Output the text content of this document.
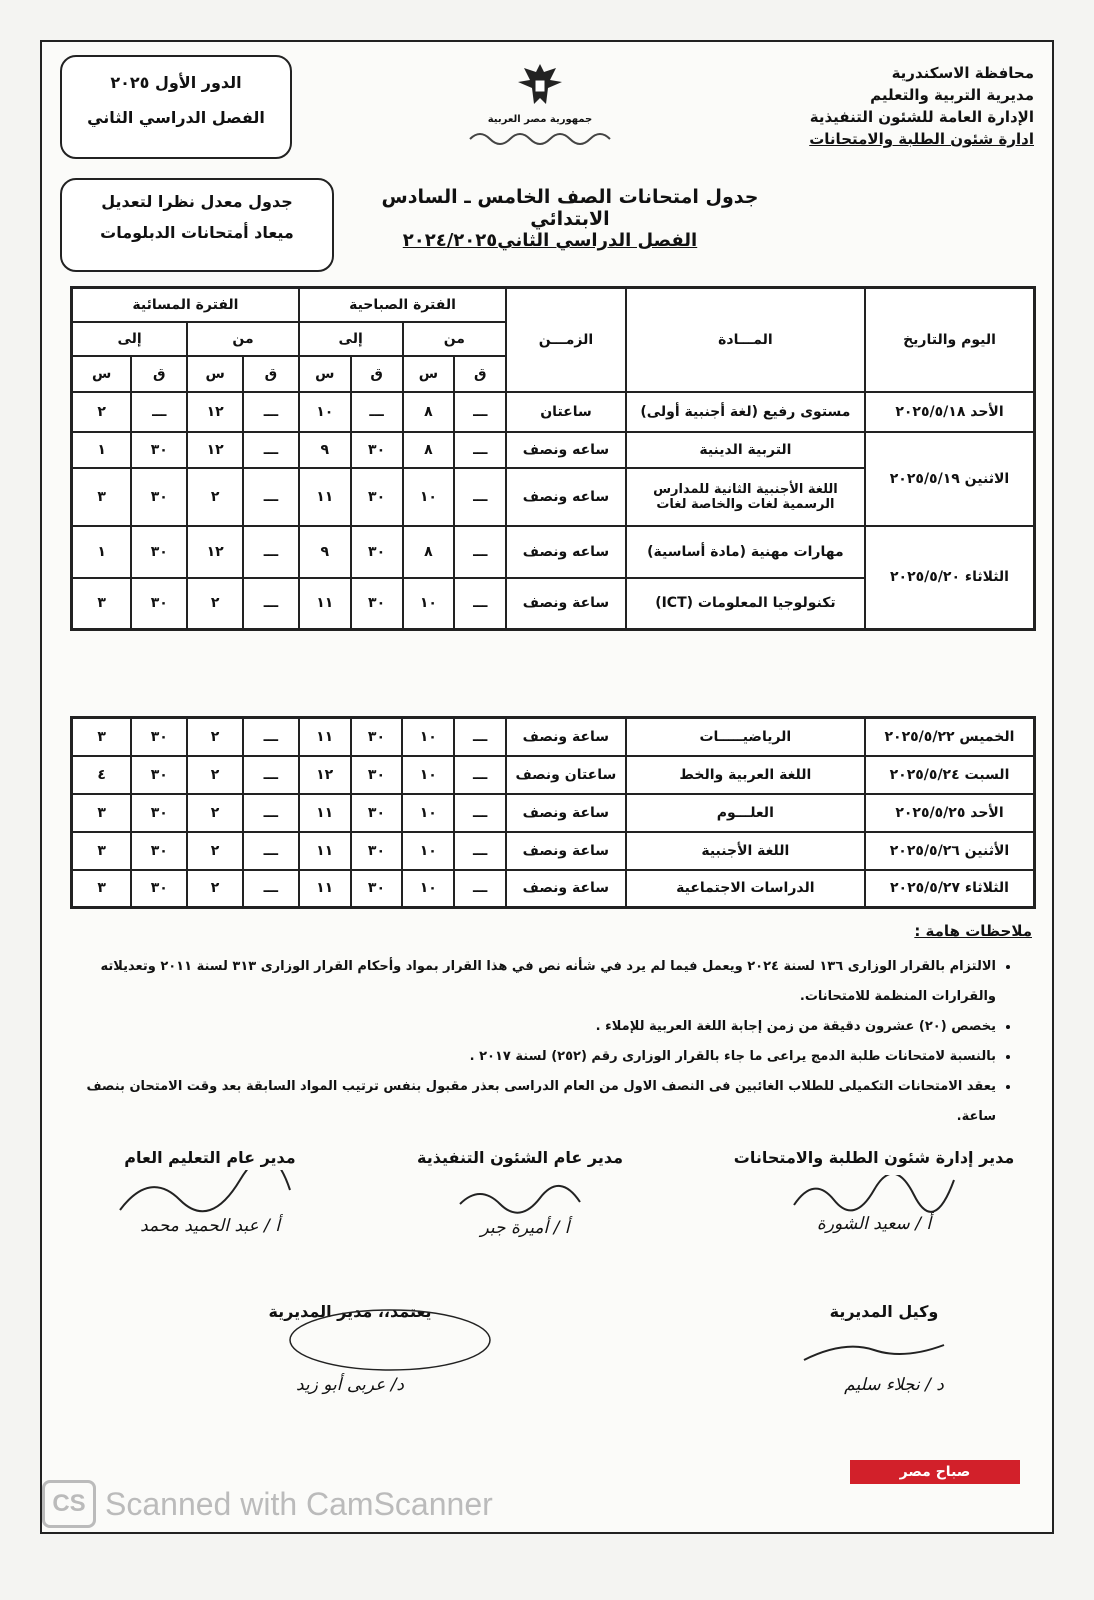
محافظة الاسكندرية
مديرية التربية والتعليم
الإدارة العامة للشئون التنفيذية
ادارة شئون الطلبة والامتحانات
جمهورية مصر العربية
الدور الأول ٢٠٢٥
الفصل الدراسي الثاني
جدول معدل نظرا لتعديل
ميعاد أمتحانات الدبلومات
جدول امتحانات الصف الخامس ـ السادس الابتدائي
الفصل الدراسي الثاني٢٠٢٤/٢٠٢٥
اليوم والتاريخ	المـــادة	الزمـــن	الفترة الصباحية				الفترة المسائية			
			من		إلى		من		إلى	
			ق	س	ق	س	ق	س	ق	س
الأحد ٢٠٢٥/٥/١٨	مستوى رفيع (لغة أجنبية أولى)	ساعتان	ـــ	٨	ـــ	١٠	ـــ	١٢	ـــ	٢
الاثنين ٢٠٢٥/٥/١٩	التربية الدينية	ساعه ونصف	ـــ	٨	٣٠	٩	ـــ	١٢	٣٠	١
	اللغة الأجنبية الثانية للمدارس الرسمية لغات والخاصة لغات	ساعه ونصف	ـــ	١٠	٣٠	١١	ـــ	٢	٣٠	٣
الثلاثاء ٢٠٢٥/٥/٢٠	مهارات مهنية (مادة أساسية)	ساعه ونصف	ـــ	٨	٣٠	٩	ـــ	١٢	٣٠	١
	تكنولوجيا المعلومات (ICT)	ساعة ونصف	ـــ	١٠	٣٠	١١	ـــ	٢	٣٠	٣
الخميس ٢٠٢٥/٥/٢٢	الرياضيـــــات	ساعة ونصف	ـــ	١٠	٣٠	١١	ـــ	٢	٣٠	٣
السبت ٢٠٢٥/٥/٢٤	اللغة العربية والخط	ساعتان ونصف	ـــ	١٠	٣٠	١٢	ـــ	٢	٣٠	٤
الأحد ٢٠٢٥/٥/٢٥	العلـــوم	ساعة ونصف	ـــ	١٠	٣٠	١١	ـــ	٢	٣٠	٣
الأثنين ٢٠٢٥/٥/٢٦	اللغة الأجنبية	ساعة ونصف	ـــ	١٠	٣٠	١١	ـــ	٢	٣٠	٣
الثلاثاء ٢٠٢٥/٥/٢٧	الدراسات الاجتماعية	ساعة ونصف	ـــ	١٠	٣٠	١١	ـــ	٢	٣٠	٣
ملاحظات هامة :
• الالتزام بالقرار الوزارى ١٣٦ لسنة ٢٠٢٤ ويعمل فيما لم يرد في شأنه نص في هذا القرار بمواد وأحكام القرار الوزارى ٣١٣ لسنة ٢٠١١ وتعديلاته والقرارات المنظمة للامتحانات.
• يخصص (٢٠) عشرون دقيقة من زمن إجابة اللغة العربية للإملاء .
• بالنسبة لامتحانات طلبة الدمج يراعى ما جاء بالقرار الوزارى رقم (٢٥٢) لسنة ٢٠١٧ .
• يعقد الامتحانات التكميلى للطلاب الغائبين فى النصف الاول من العام الدراسى بعذر مقبول بنفس ترتيب المواد السابقة بعد وقت الامتحان بنصف ساعة.
مدير إدارة شئون الطلبة والامتحانات
أ / سعيد الشورة
مدير عام الشئون التنفيذية
أ / أميرة جبر
مدير عام التعليم العام
أ / عبد الحميد محمد
وكيل المديرية
د / نجلاء سليم
يعتمد،، مدير المديرية
د/ عربى أبو زيد
صباح مصر
CS Scanned with CamScanner
